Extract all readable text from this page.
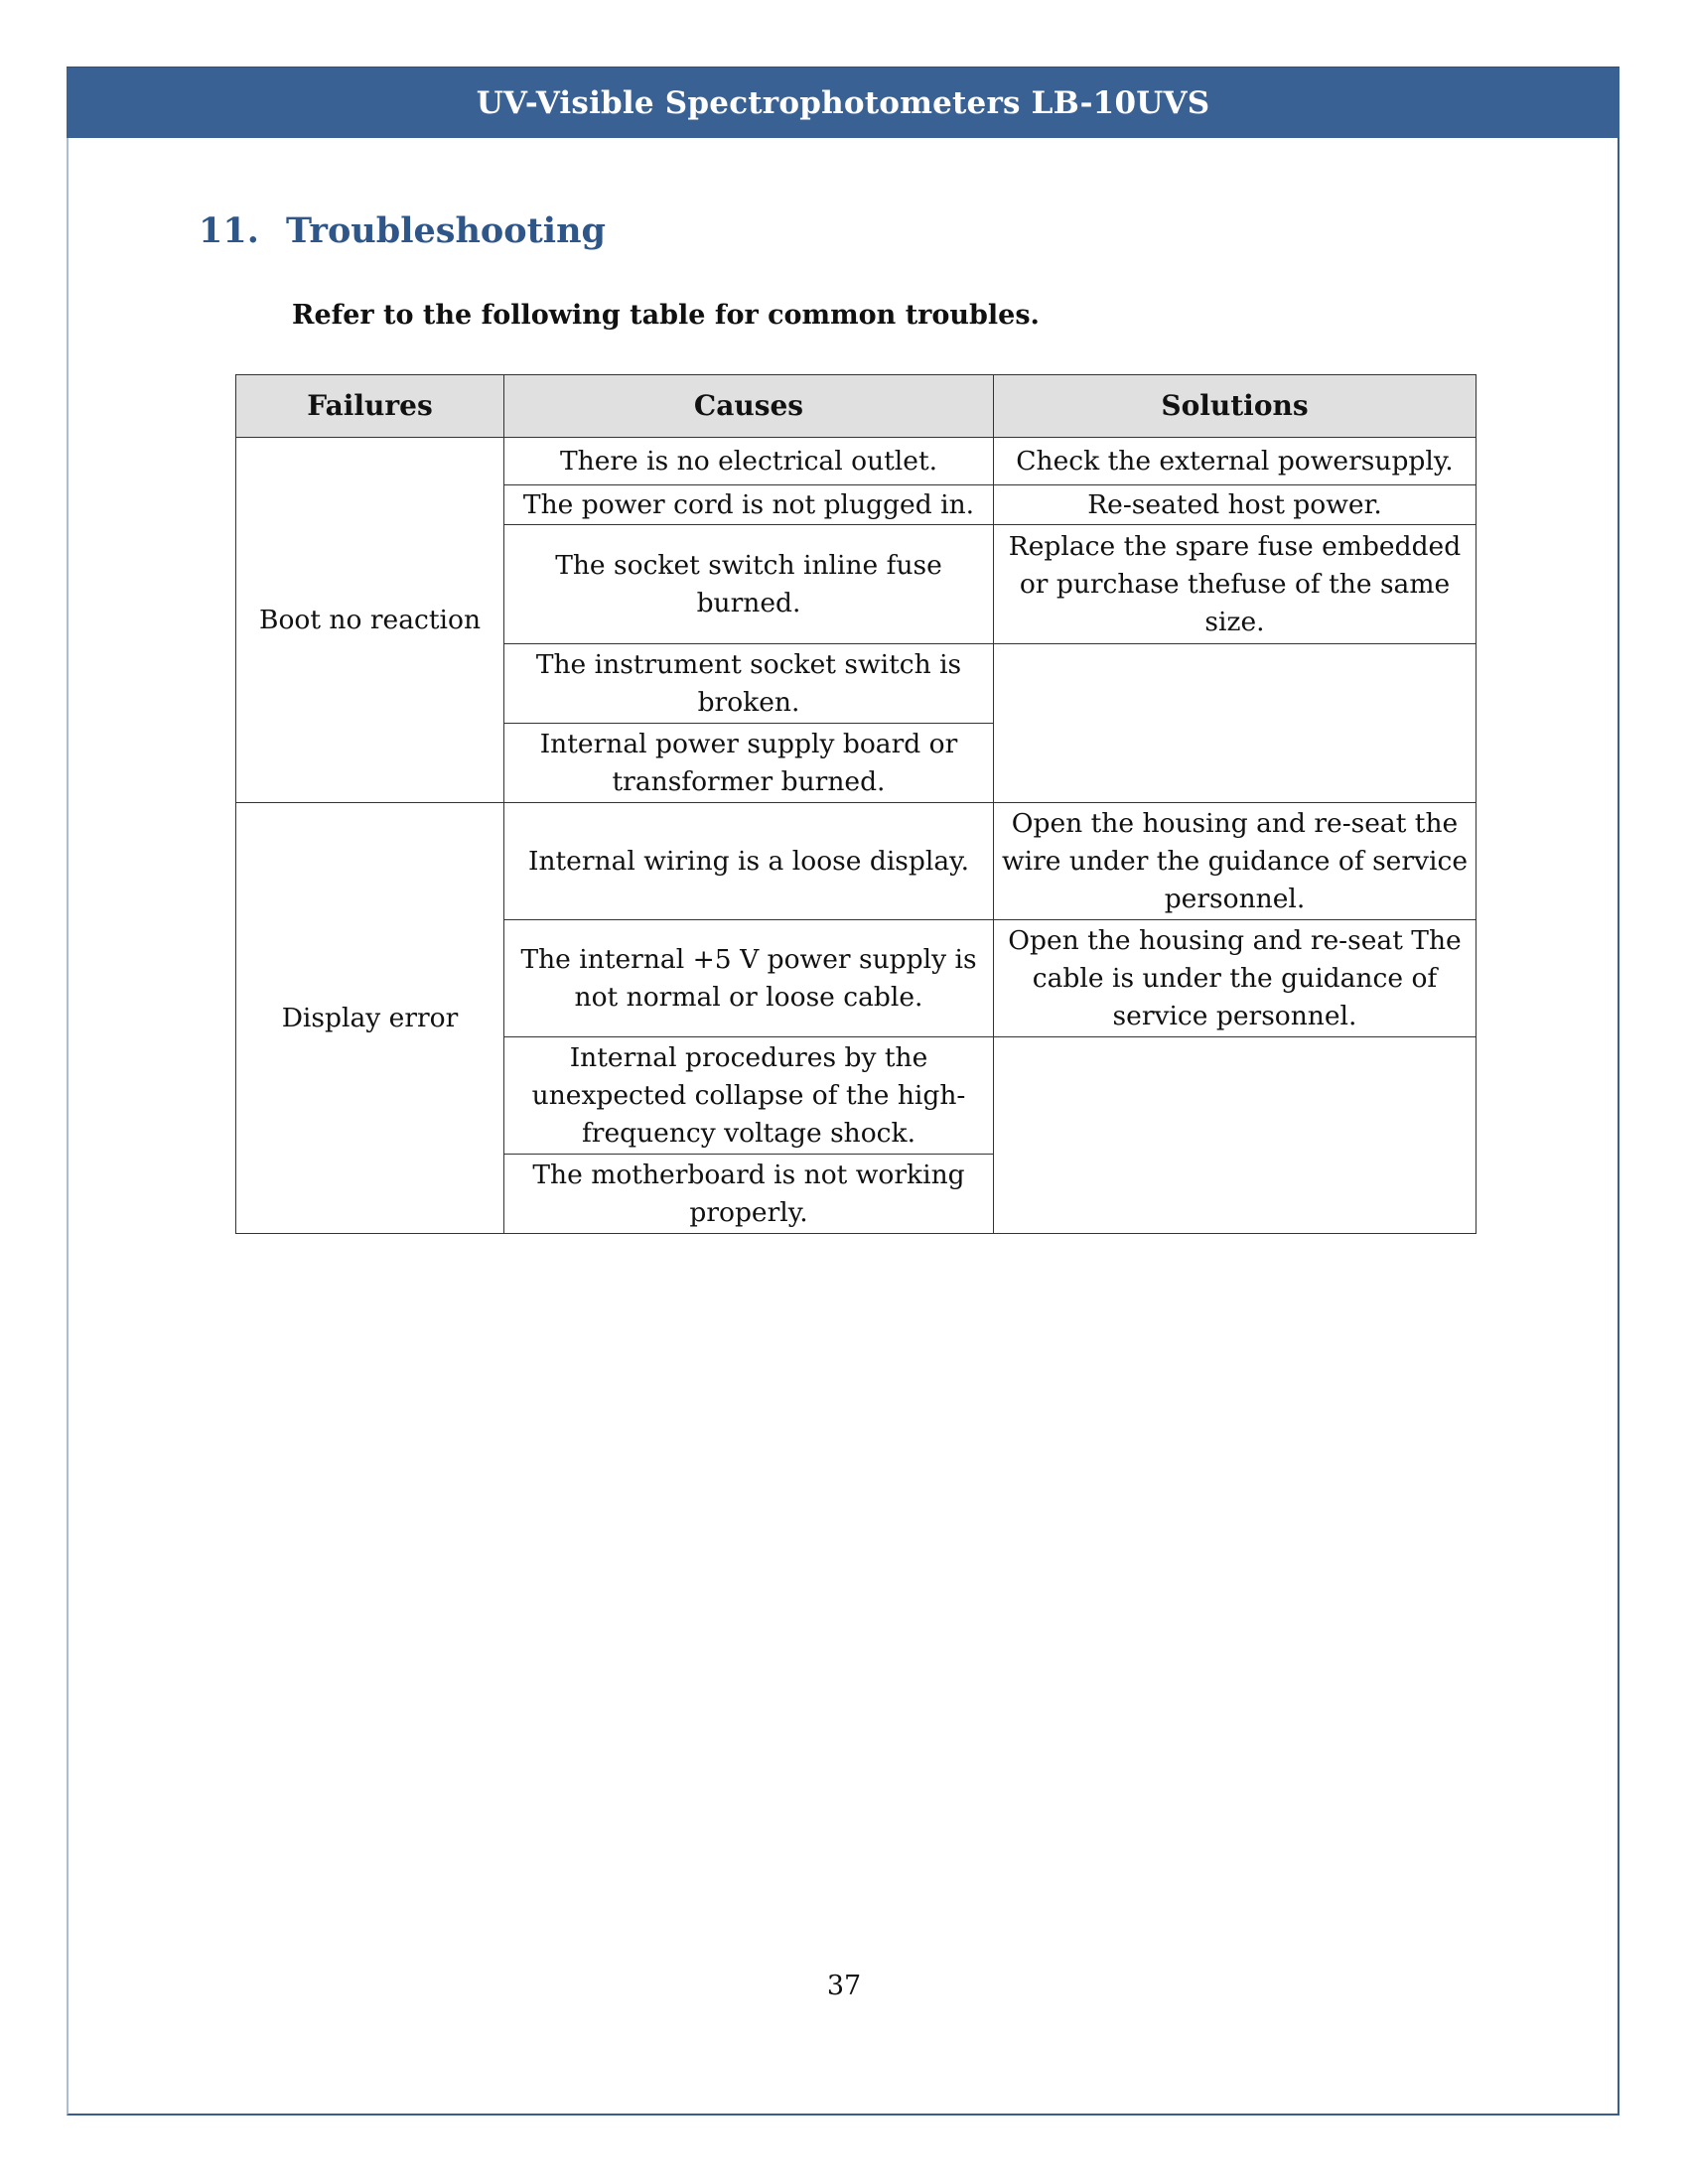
UV-Visible Spectrophotometers LB-10UVS
11. Troubleshooting
Refer to the following table for common troubles.
Failures	Causes	Solutions
Boot no reaction	There is no electrical outlet.	Check the external powersupply.
	The power cord is not plugged in.	Re-seated host power.
	The socket switch inline fuse burned.	Replace the spare fuse embedded or purchase thefuse of the same size.
	The instrument socket switch is broken.	
	Internal power supply board or transformer burned.	
Display error	Internal wiring is a loose display.	Open the housing and re-seat the wire under the guidance of service personnel.
	The internal +5 V power supply is not normal or loose cable.	Open the housing and re-seat The cable is under the guidance of service personnel.
	Internal procedures by the unexpected collapse of the high-frequency voltage shock.	
	The motherboard is not working properly.	
37
